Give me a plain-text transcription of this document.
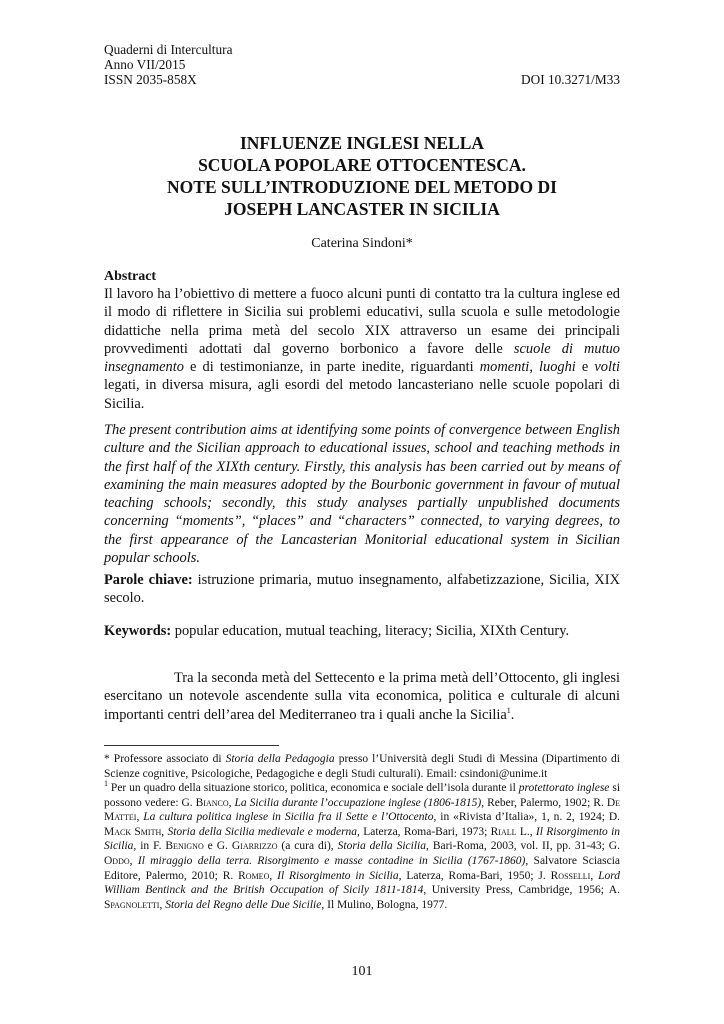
Quaderni di Intercultura
Anno VII/2015
ISSN 2035-858X	DOI 10.3271/M33
INFLUENZE INGLESI NELLA
SCUOLA POPOLARE OTTOCENTESCA.
NOTE SULL’INTRODUZIONE DEL METODO DI
JOSEPH LANCASTER IN SICILIA
Caterina Sindoni*
Abstract
Il lavoro ha l’obiettivo di mettere a fuoco alcuni punti di contatto tra la cultura inglese ed il modo di riflettere in Sicilia sui problemi educativi, sulla scuola e sulle metodologie didattiche nella prima metà del secolo XIX attraverso un esame dei principali provvedimenti adottati dal governo borbonico a favore delle scuole di mutuo insegnamento e di testimonianze, in parte inedite, riguardanti momenti, luoghi e volti legati, in diversa misura, agli esordi del metodo lancasteriano nelle scuole popolari di Sicilia.
The present contribution aims at identifying some points of convergence between English culture and the Sicilian approach to educational issues, school and teaching methods in the first half of the XIXth century. Firstly, this analysis has been carried out by means of examining the main measures adopted by the Bourbonic government in favour of mutual teaching schools; secondly, this study analyses partially unpublished documents concerning “moments”, “places” and “characters” connected, to varying degrees, to the first appearance of the Lancasterian Monitorial educational system in Sicilian popular schools.
Parole chiave: istruzione primaria, mutuo insegnamento, alfabetizzazione, Sicilia, XIX secolo.
Keywords: popular education, mutual teaching, literacy; Sicilia, XIXth Century.
Tra la seconda metà del Settecento e la prima metà dell’Ottocento, gli inglesi esercitano un notevole ascendente sulla vita economica, politica e culturale di alcuni importanti centri dell’area del Mediterraneo tra i quali anche la Sicilia$^1$.
* Professore associato di Storia della Pedagogia presso l’Università degli Studi di Messina (Dipartimento di Scienze cognitive, Psicologiche, Pedagogiche e degli Studi culturali). Email: csindoni@unime.it
$^1$ Per un quadro della situazione storico, politica, economica e sociale dell’isola durante il protettorato inglese si possono vedere: G. Bianco, La Sicilia durante l’occupazione inglese (1806-1815), Reber, Palermo, 1902; R. De Mattei, La cultura politica inglese in Sicilia fra il Sette e l’Ottocento, in «Rivista d’Italia», 1, n. 2, 1924; D. Mack Smith, Storia della Sicilia medievale e moderna, Laterza, Roma-Bari, 1973; Riall L., Il Risorgimento in Sicilia, in F. Benigno e G. Giarrizzo (a cura di), Storia della Sicilia, Bari-Roma, 2003, vol. II, pp. 31-43; G. Oddo, Il miraggio della terra. Risorgimento e masse contadine in Sicilia (1767-1860), Salvatore Sciascia Editore, Palermo, 2010; R. Romeo, Il Risorgimento in Sicilia, Laterza, Roma-Bari, 1950; J. Rosselli, Lord William Bentinck and the British Occupation of Sicily 1811-1814, University Press, Cambridge, 1956; A. Spagnoletti, Storia del Regno delle Due Sicilie, Il Mulino, Bologna, 1977.
101
